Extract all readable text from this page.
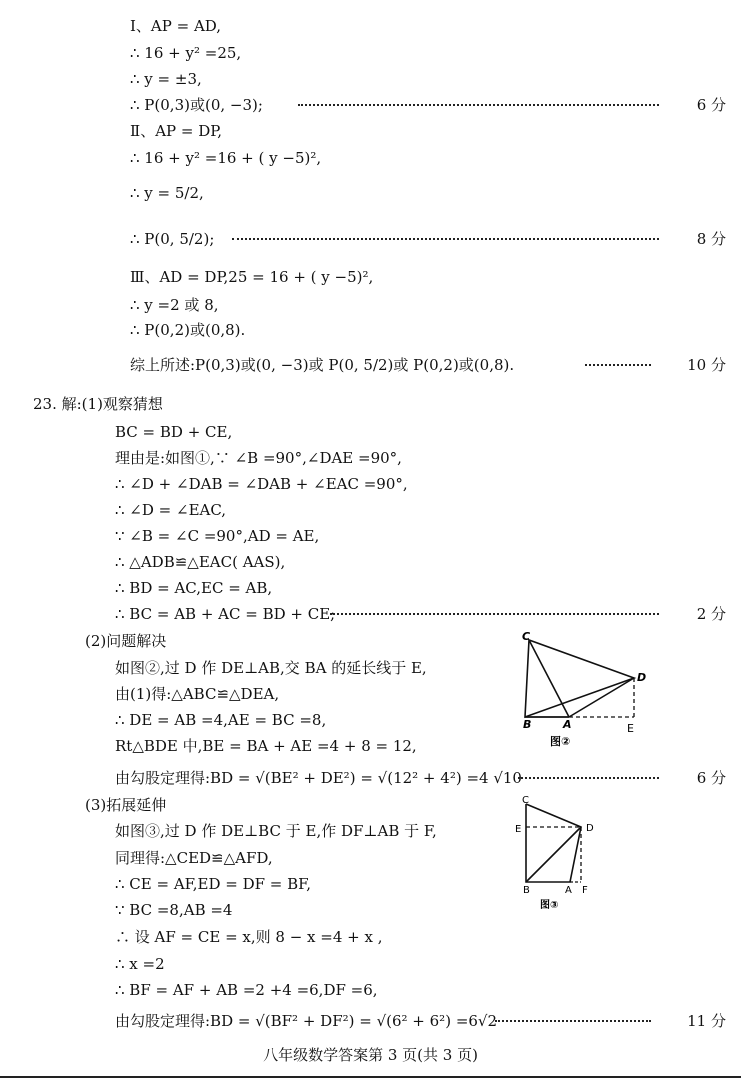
Ⅰ、AP = AD,
∴ 16 + y² =25,
∴ y = ±3,
∴ P(0,3)或(0, −3);	6 分
Ⅱ、AP = DP,
∴ 16 + y² =16 + ( y −5)²,
∴ y = 5/2,
∴ P(0, 5/2);	8 分
Ⅲ、AD = DP,25 = 16 + ( y −5)²,
∴ y =2 或 8,
∴ P(0,2)或(0,8).
综上所述:P(0,3)或(0, −3)或 P(0, 5/2)或 P(0,2)或(0,8).	10 分
23. 解:(1)观察猜想
BC = BD + CE,
理由是:如图①,∵ ∠B =90°,∠DAE =90°,
∴ ∠D + ∠DAB = ∠DAB + ∠EAC =90°,
∴ ∠D = ∠EAC,
∵ ∠B = ∠C =90°,AD = AE,
∴ △ADB≌△EAC( AAS),
∴ BD = AC,EC = AB,
∴ BC = AB + AC = BD + CE;	2 分
(2)问题解决
如图②,过 D 作 DE⊥AB,交 BA 的延长线于 E,
由(1)得:△ABC≌△DEA,
∴ DE = AB =4,AE = BC =8,
Rt△BDE 中,BE = BA + AE =4 + 8 = 12,
由勾股定理得:BD = √(BE² + DE²) = √(12² + 4²) =4 √10	6 分
C
D
B	A	E
图②
(3)拓展延伸
如图③,过 D 作 DE⊥BC 于 E,作 DF⊥AB 于 F,
同理得:△CED≌△AFD,
∴ CE = AF,ED = DF = BF,
∵ BC =8,AB =4
∴ 设 AF = CE = x,则 8 − x =4 + x ,
∴ x =2
∴ BF = AF + AB =2 +4 =6,DF =6,
由勾股定理得:BD = √(BF² + DF²) = √(6² + 6²) =6√2	11 分
C
D
E
B	A F
图③
八年级数学答案第 3 页(共 3 页)
